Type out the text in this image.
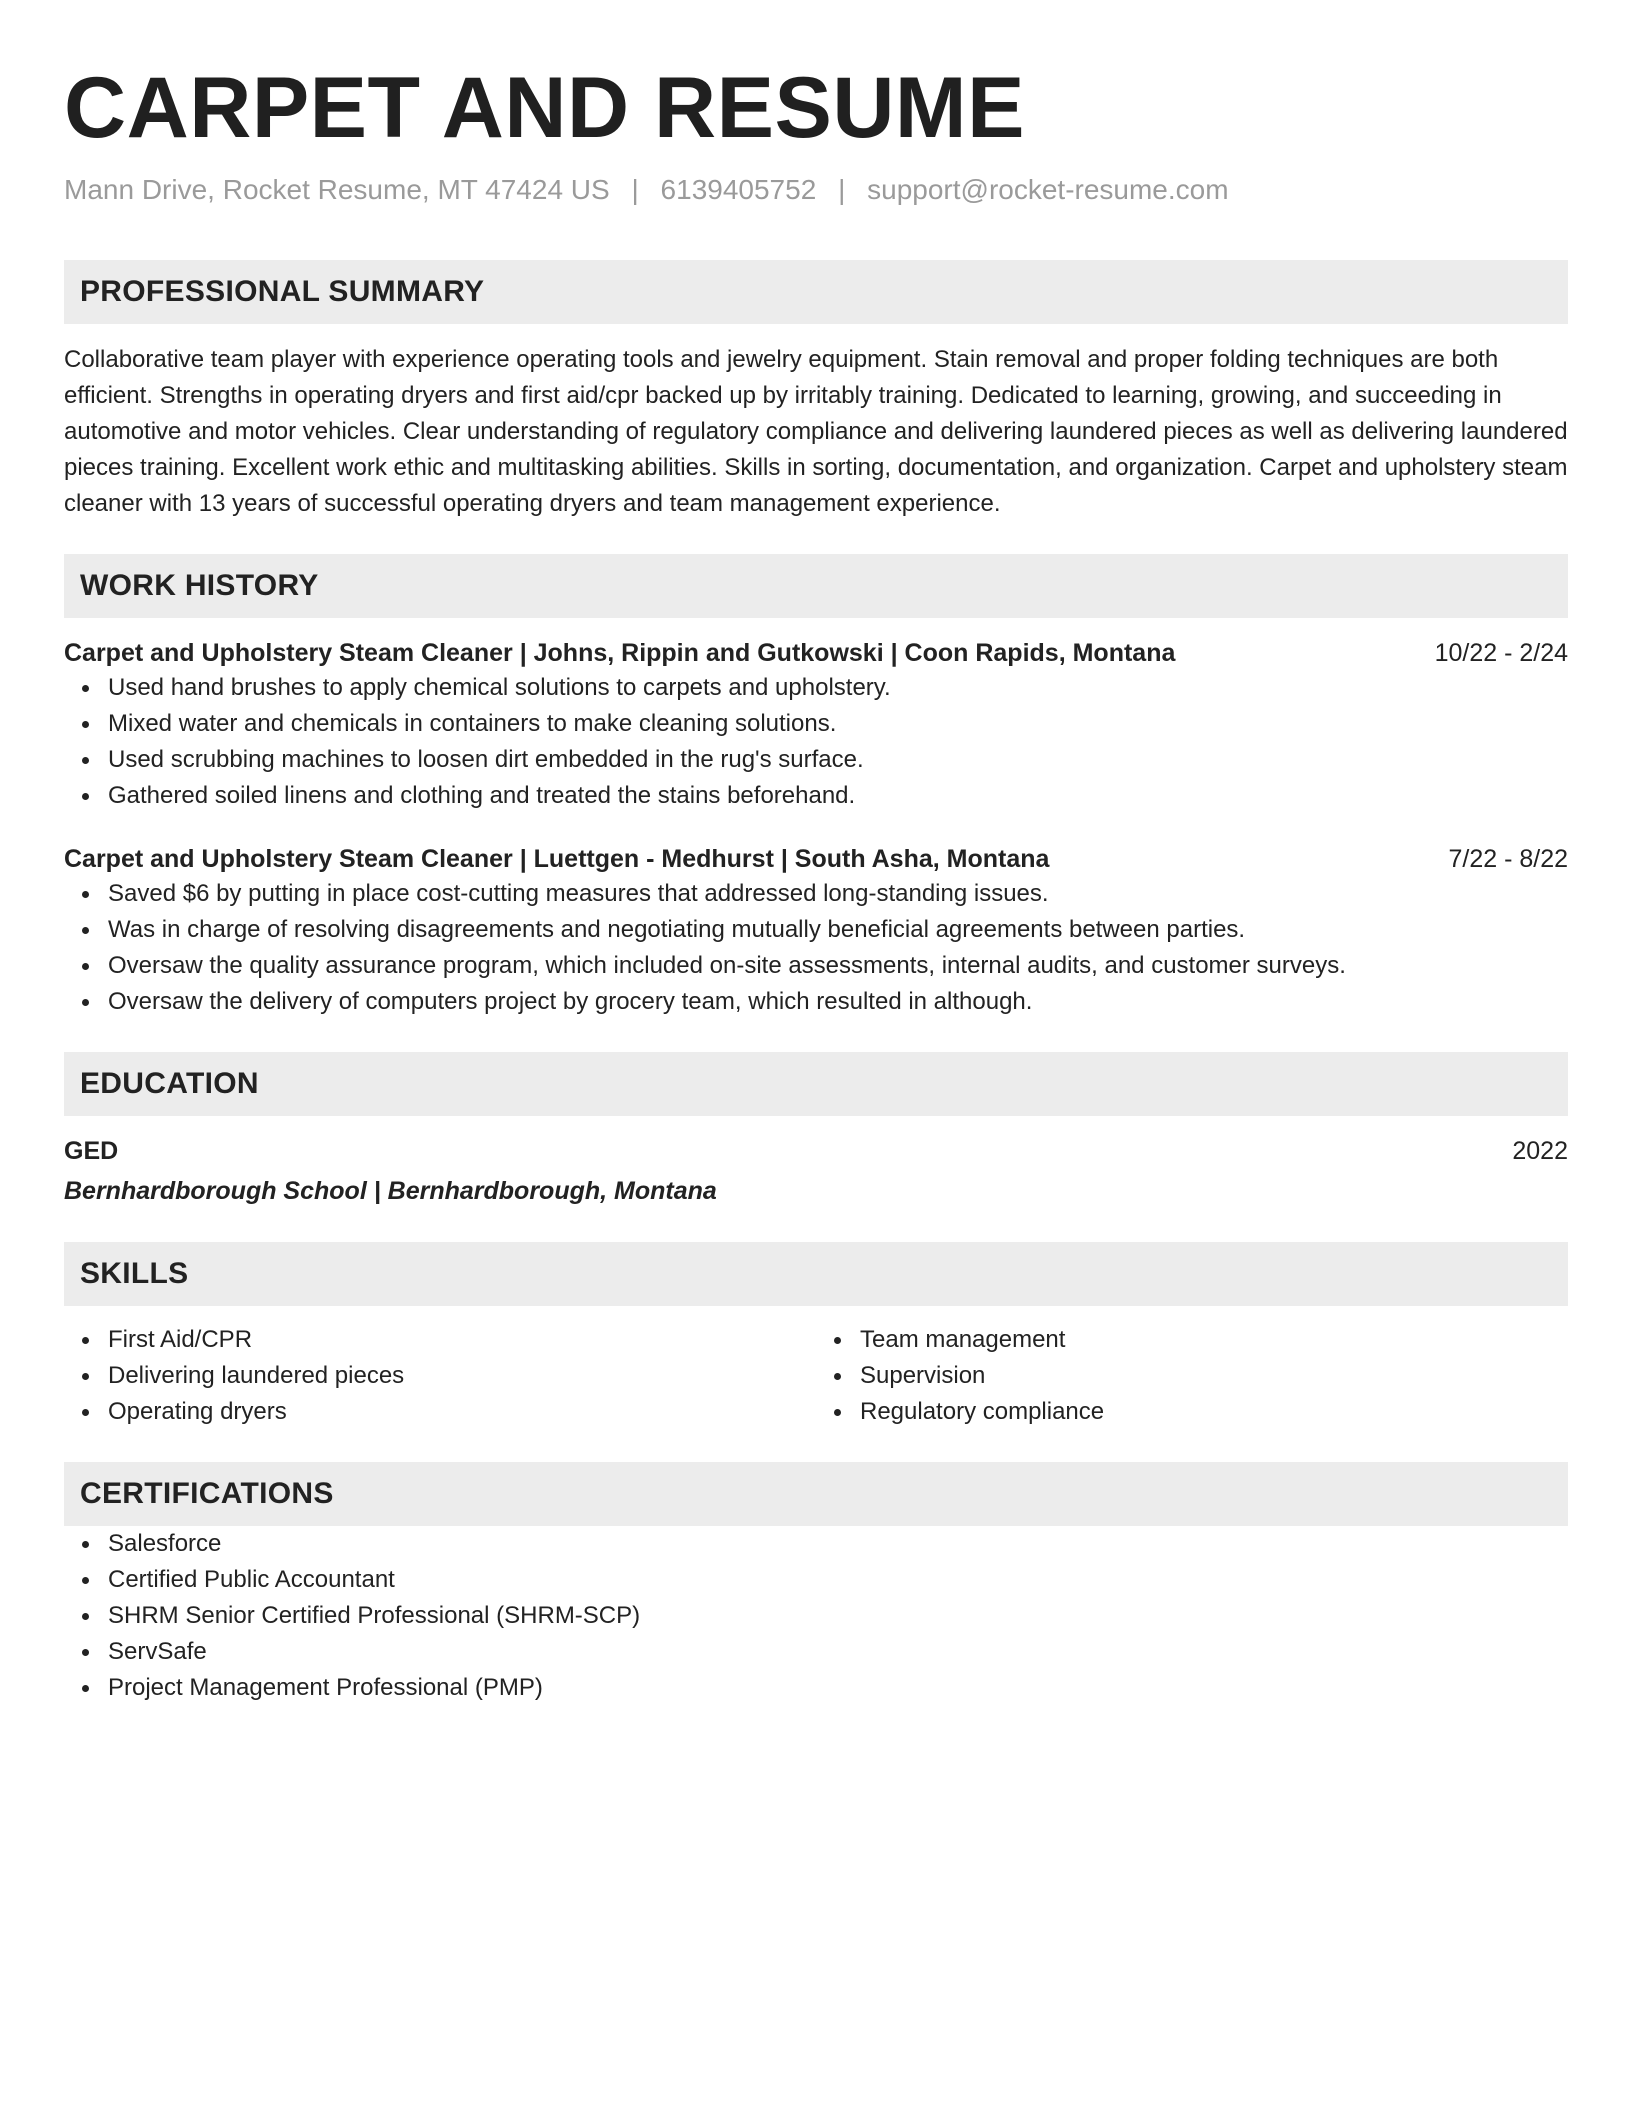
CARPET AND RESUME
Mann Drive, Rocket Resume, MT 47424 US | 6139405752 | support@rocket-resume.com
PROFESSIONAL SUMMARY
Collaborative team player with experience operating tools and jewelry equipment. Stain removal and proper folding techniques are both efficient. Strengths in operating dryers and first aid/cpr backed up by irritably training. Dedicated to learning, growing, and succeeding in automotive and motor vehicles. Clear understanding of regulatory compliance and delivering laundered pieces as well as delivering laundered pieces training. Excellent work ethic and multitasking abilities. Skills in sorting, documentation, and organization. Carpet and upholstery steam cleaner with 13 years of successful operating dryers and team management experience.
WORK HISTORY
Carpet and Upholstery Steam Cleaner | Johns, Rippin and Gutkowski | Coon Rapids, Montana	10/22 - 2/24
Used hand brushes to apply chemical solutions to carpets and upholstery.
Mixed water and chemicals in containers to make cleaning solutions.
Used scrubbing machines to loosen dirt embedded in the rug's surface.
Gathered soiled linens and clothing and treated the stains beforehand.
Carpet and Upholstery Steam Cleaner | Luettgen - Medhurst | South Asha, Montana	7/22 - 8/22
Saved $6 by putting in place cost-cutting measures that addressed long-standing issues.
Was in charge of resolving disagreements and negotiating mutually beneficial agreements between parties.
Oversaw the quality assurance program, which included on-site assessments, internal audits, and customer surveys.
Oversaw the delivery of computers project by grocery team, which resulted in although.
EDUCATION
GED	2022
Bernhardborough School | Bernhardborough, Montana
SKILLS
First Aid/CPR
Delivering laundered pieces
Operating dryers
Team management
Supervision
Regulatory compliance
CERTIFICATIONS
Salesforce
Certified Public Accountant
SHRM Senior Certified Professional (SHRM-SCP)
ServSafe
Project Management Professional (PMP)
